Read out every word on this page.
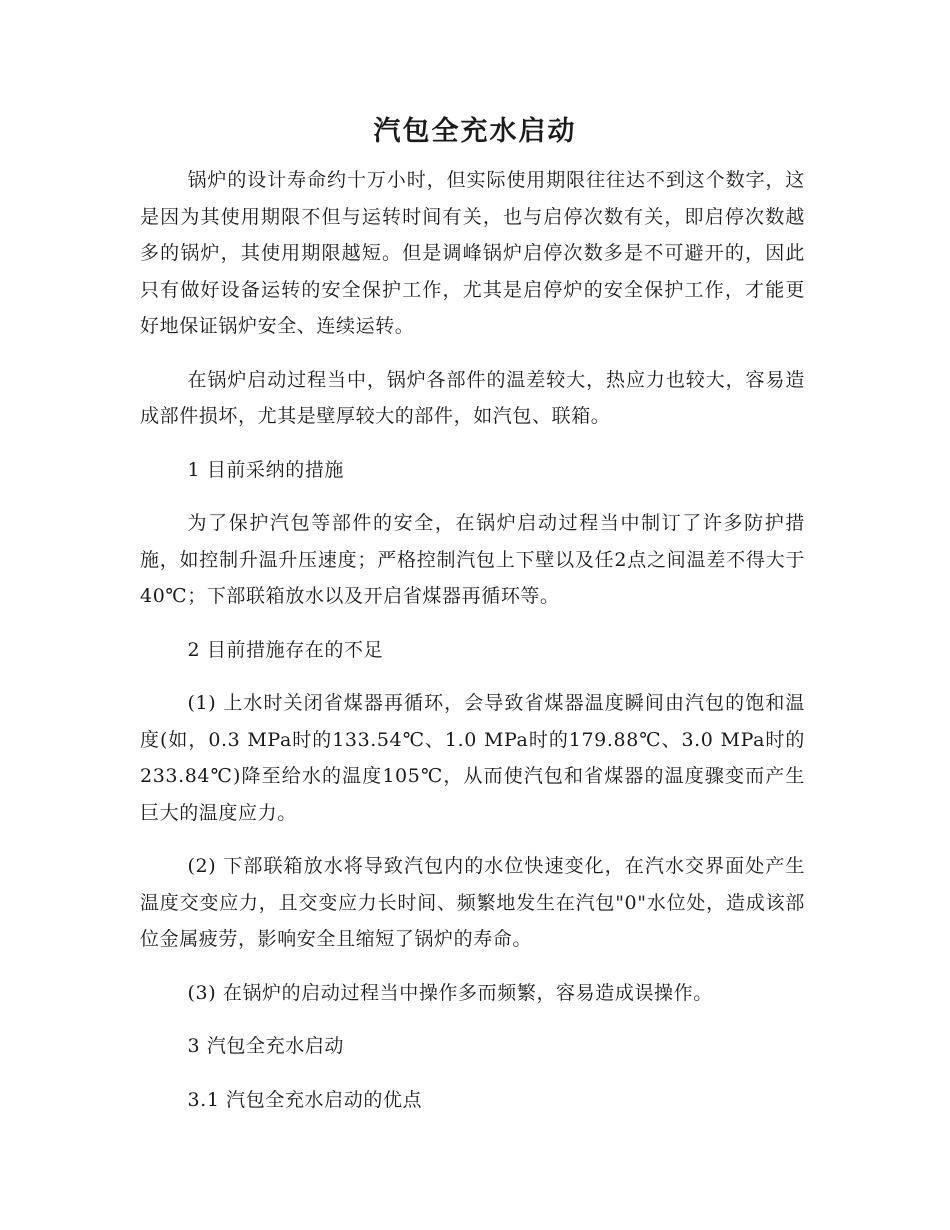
汽包全充水启动

锅炉的设计寿命约十万小时，但实际使用期限往往达不到这个数字，这是因为其使用期限不但与运转时间有关，也与启停次数有关，即启停次数越多的锅炉，其使用期限越短。但是调峰锅炉启停次数多是不可避开的，因此只有做好设备运转的安全保护工作，尤其是启停炉的安全保护工作，才能更好地保证锅炉安全、连续运转。

在锅炉启动过程当中，锅炉各部件的温差较大，热应力也较大，容易造成部件损坏，尤其是壁厚较大的部件，如汽包、联箱。

1 目前采纳的措施

为了保护汽包等部件的安全，在锅炉启动过程当中制订了许多防护措施，如控制升温升压速度；严格控制汽包上下壁以及任2点之间温差不得大于40℃；下部联箱放水以及开启省煤器再循环等。

2 目前措施存在的不足

(1) 上水时关闭省煤器再循环，会导致省煤器温度瞬间由汽包的饱和温度(如，0.3 MPa时的133.54℃、1.0 MPa时的179.88℃、3.0 MPa时的233.84℃)降至给水的温度105℃，从而使汽包和省煤器的温度骤变而产生巨大的温度应力。

(2) 下部联箱放水将导致汽包内的水位快速变化，在汽水交界面处产生温度交变应力，且交变应力长时间、频繁地发生在汽包"0"水位处，造成该部位金属疲劳，影响安全且缩短了锅炉的寿命。

(3) 在锅炉的启动过程当中操作多而频繁，容易造成误操作。

3 汽包全充水启动

3.1 汽包全充水启动的优点
